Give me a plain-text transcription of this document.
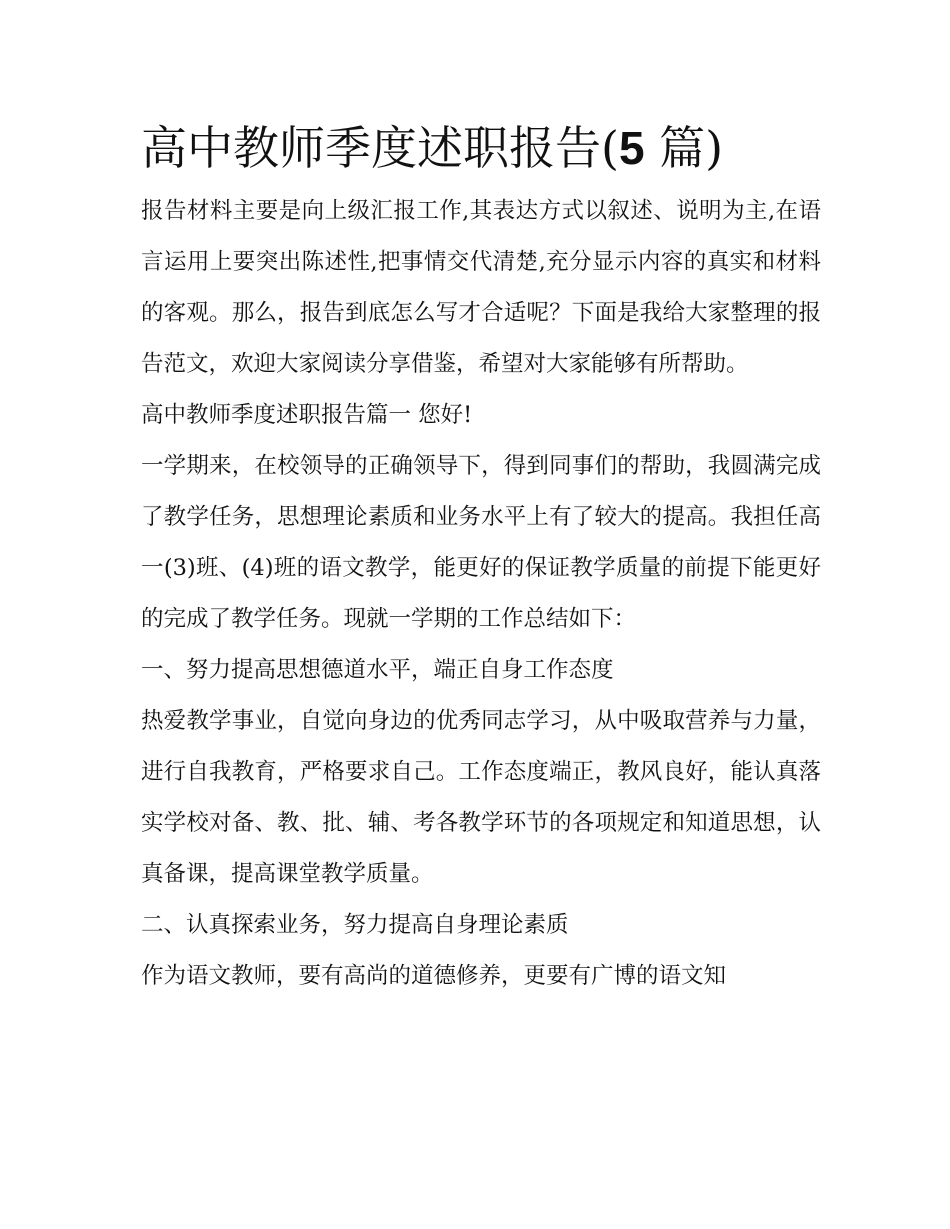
高中教师季度述职报告(5 篇)

报告材料主要是向上级汇报工作,其表达方式以叙述、说明为主,在语言运用上要突出陈述性,把事情交代清楚,充分显示内容的真实和材料的客观。那么，报告到底怎么写才合适呢？下面是我给大家整理的报告范文，欢迎大家阅读分享借鉴，希望对大家能够有所帮助。

高中教师季度述职报告篇一 您好!

一学期来，在校领导的正确领导下，得到同事们的帮助，我圆满完成了教学任务，思想理论素质和业务水平上有了较大的提高。我担任高一(3)班、(4)班的语文教学，能更好的保证教学质量的前提下能更好的完成了教学任务。现就一学期的工作总结如下：

一、努力提高思想德道水平，端正自身工作态度

热爱教学事业，自觉向身边的优秀同志学习，从中吸取营养与力量，进行自我教育，严格要求自己。工作态度端正，教风良好，能认真落实学校对备、教、批、辅、考各教学环节的各项规定和知道思想，认真备课，提高课堂教学质量。

二、认真探索业务，努力提高自身理论素质

作为语文教师，要有高尚的道德修养，更要有广博的语文知
